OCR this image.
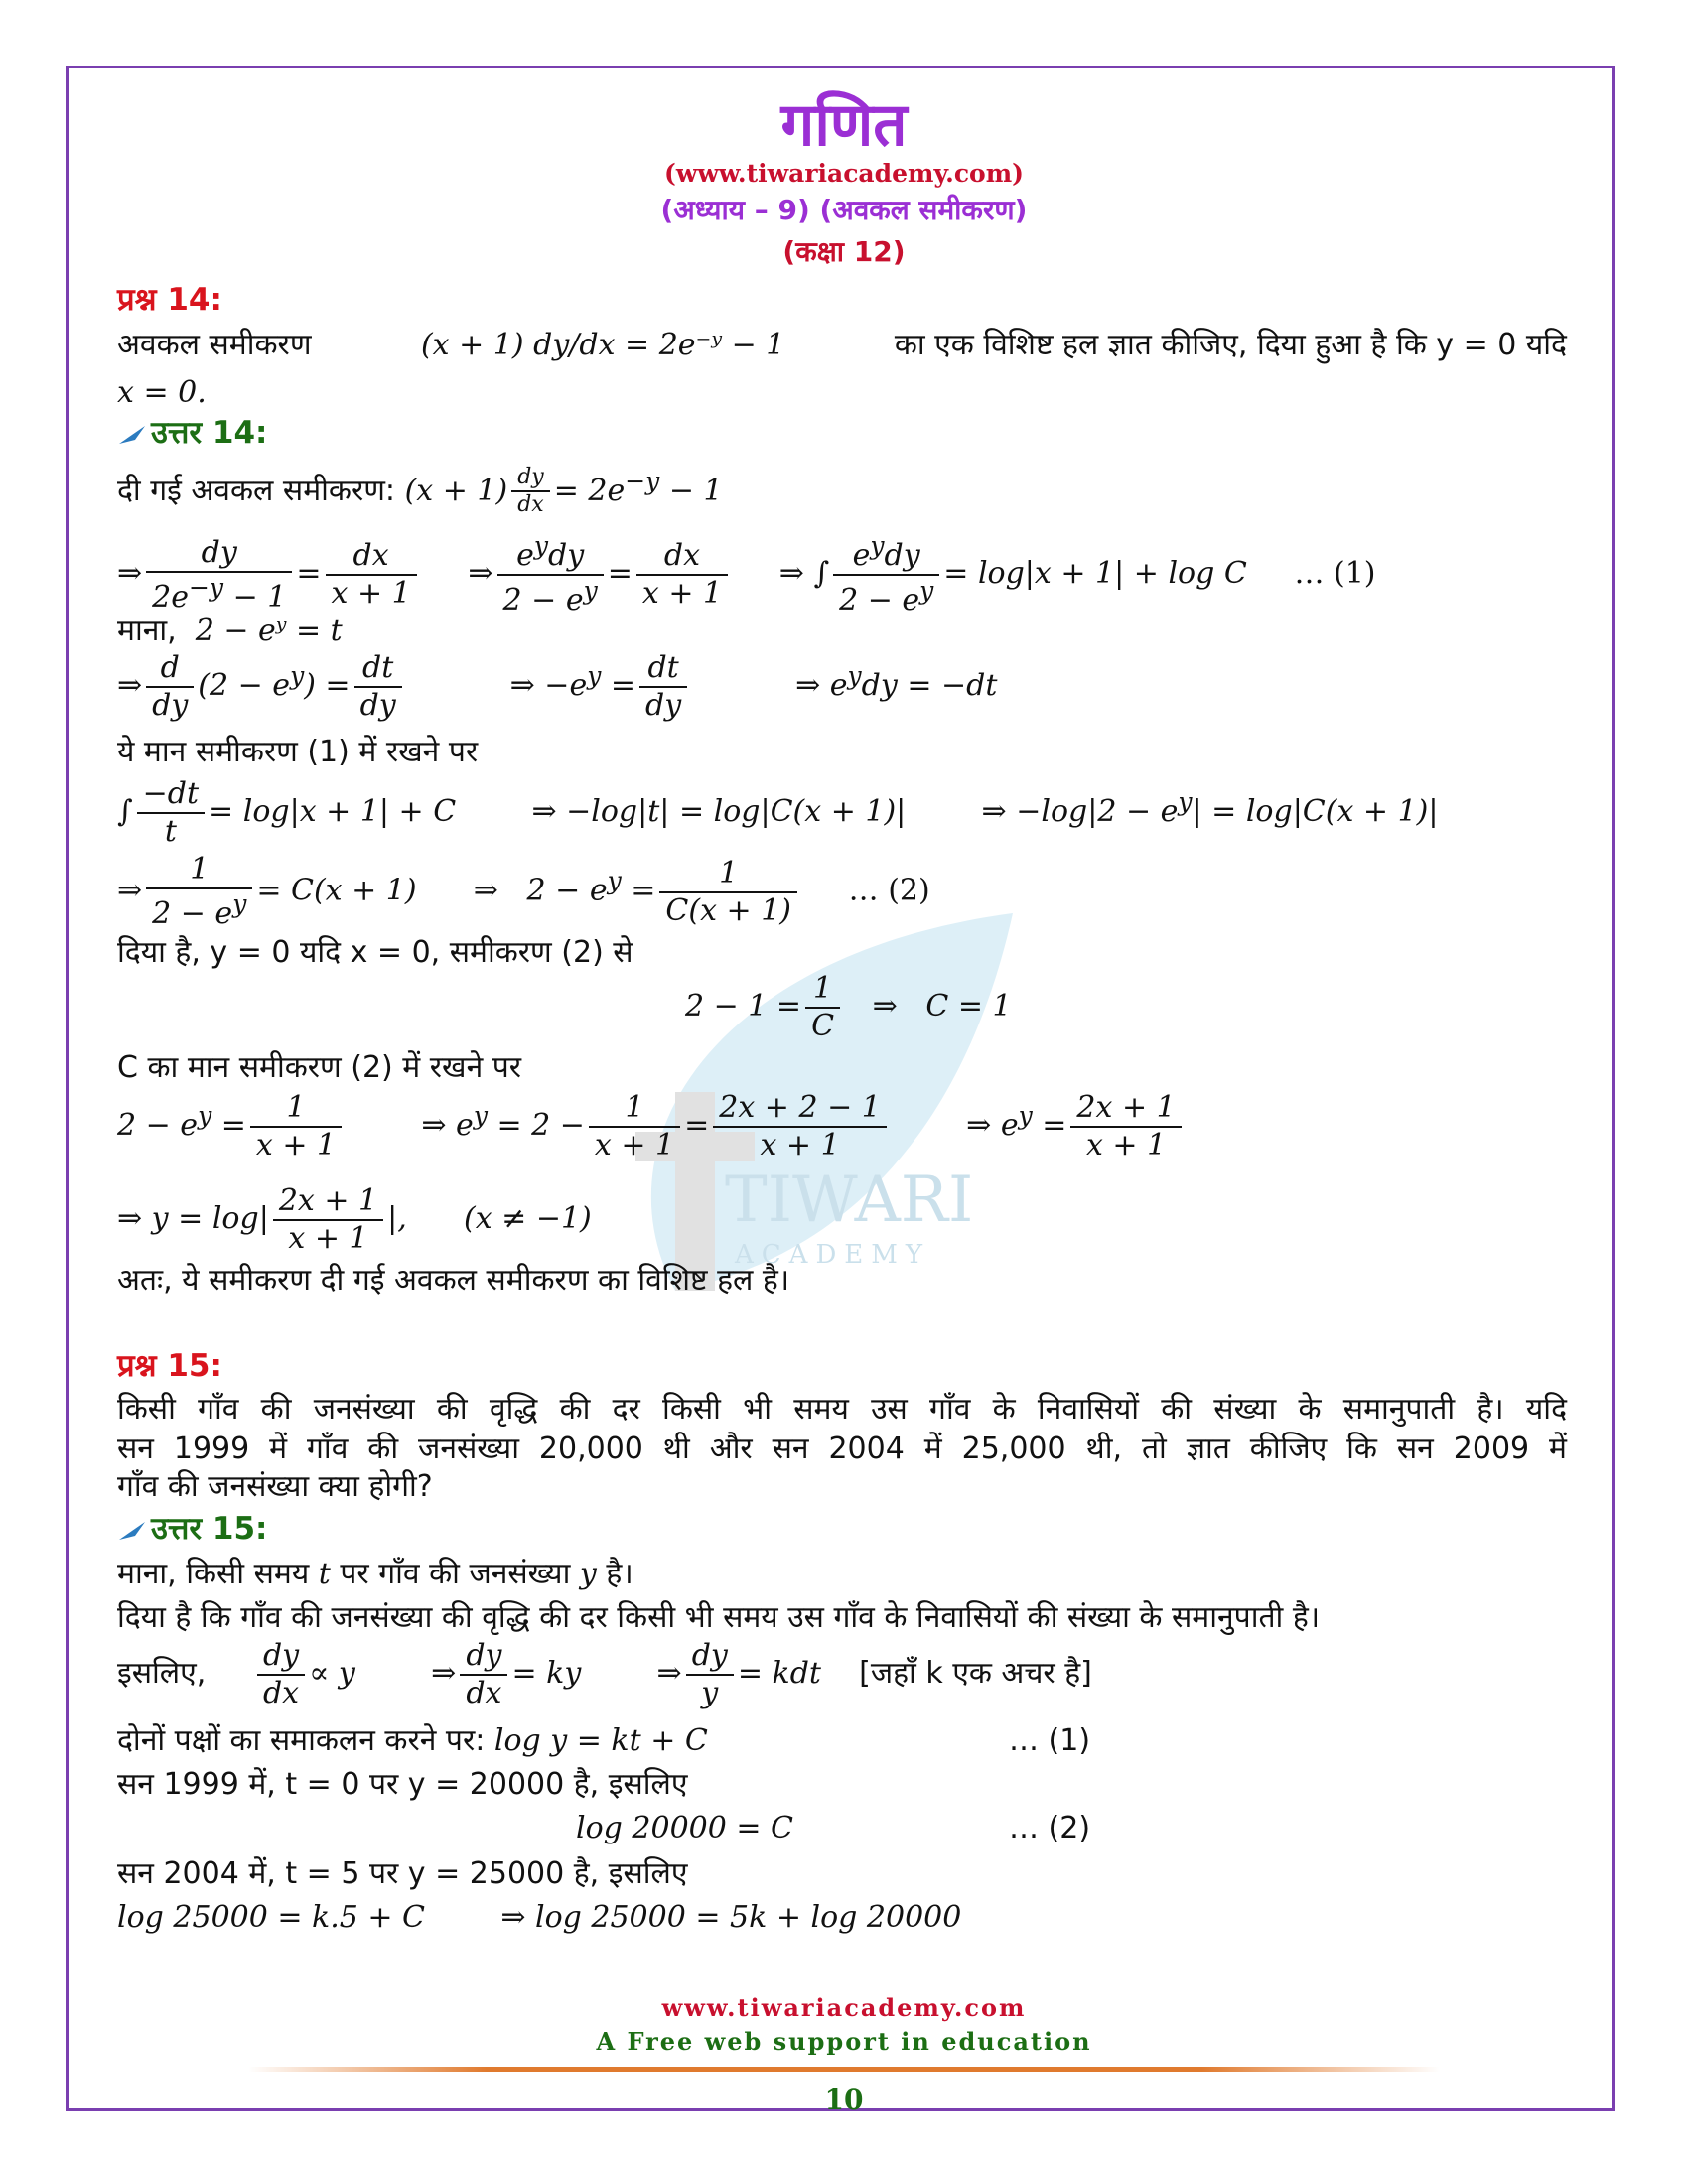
TIWARI
ACADEMY
गणित
(www.tiwariacademy.com)
(अध्याय – 9) (अवकल समीकरण)
(कक्षा 12)
प्रश्न 14:
अवकल समीकरण	(x + 1) dy/dx = 2e⁻ʸ − 1	का एक विशिष्ट हल ज्ञात कीजिए, दिया हुआ है कि y = 0 यदि
x = 0.
उत्तर 14:
दी गई अवकल समीकरण: $(x + 1) \frac{dy}{dx} = 2e^{-y} - 1$
⇒ $\frac{dy}{2e^{-y} - 1} = \frac{dx}{x + 1}$ ⇒ $\frac{e^ydy}{2 - e^y} = \frac{dx}{x + 1}$ ⇒ ∫ $\frac{e^ydy}{2 - e^y} = \log|x + 1| + \log C$     … (1)
माना, 2 − eʸ = t
⇒ $\frac{d}{dy} (2 - e^y) = \frac{dt}{dy}$ ⇒ $-e^y = \frac{dt}{dy}$ ⇒ $e^ydy = -dt$
ये मान समीकरण (1) में रखने पर
∫ $\frac{-dt}{t} = \log|x + 1| + C$        ⇒ −log|t| = log|C(x + 1)|        ⇒ $-\log|2 - e^y| = \log|C(x + 1)|$
⇒ $\frac{1}{2 - e^y} = C(x + 1)$      ⇒   $2 - e^y = \frac{1}{C(x + 1)}$ … (2)
दिया है, y = 0 यदि x = 0, समीकरण (2) से
$2 - 1 = \frac{1}{C}$ ⇒   C = 1
C का मान समीकरण (2) में रखने पर
$2 - e^y = \frac{1}{x + 1}$ ⇒ $e^y = 2 - \frac{1}{x + 1} = \frac{2x + 2 - 1}{x + 1}$ ⇒ $e^y = \frac{2x + 1}{x + 1}$
⇒ $y = \log| \frac{2x + 1}{x + 1}$ |,      (x ≠ −1)
अतः, ये समीकरण दी गई अवकल समीकरण का विशिष्ट हल है।
प्रश्न 15:
किसी गाँव की जनसंख्या की वृद्धि की दर किसी भी समय उस गाँव के निवासियों की संख्या के समानुपाती है। यदि
सन 1999 में गाँव की जनसंख्या 20,000 थी और सन 2004 में 25,000 थी, तो ज्ञात कीजिए कि सन 2009 में
गाँव की जनसंख्या क्या होगी?
उत्तर 15:
माना, किसी समय t पर गाँव की जनसंख्या y है।
दिया है कि गाँव की जनसंख्या की वृद्धि की दर किसी भी समय उस गाँव के निवासियों की संख्या के समानुपाती है।
इसलिए, $\frac{dy}{dx} \propto y$        ⇒ $\frac{dy}{dx}$ = ky        ⇒ $\frac{dy}{y}$ = kdt    [जहाँ k एक अचर है]
दोनों पक्षों का समाकलन करने पर: log y = kt + C	… (1)
सन 1999 में, t = 0 पर y = 20000 है, इसलिए
log 20000 = C	… (2)
सन 2004 में, t = 5 पर y = 25000 है, इसलिए
log 25000 = k.5 + C	⇒ log 25000 = 5k + log 20000
www.tiwariacademy.com
A Free web support in education
10
